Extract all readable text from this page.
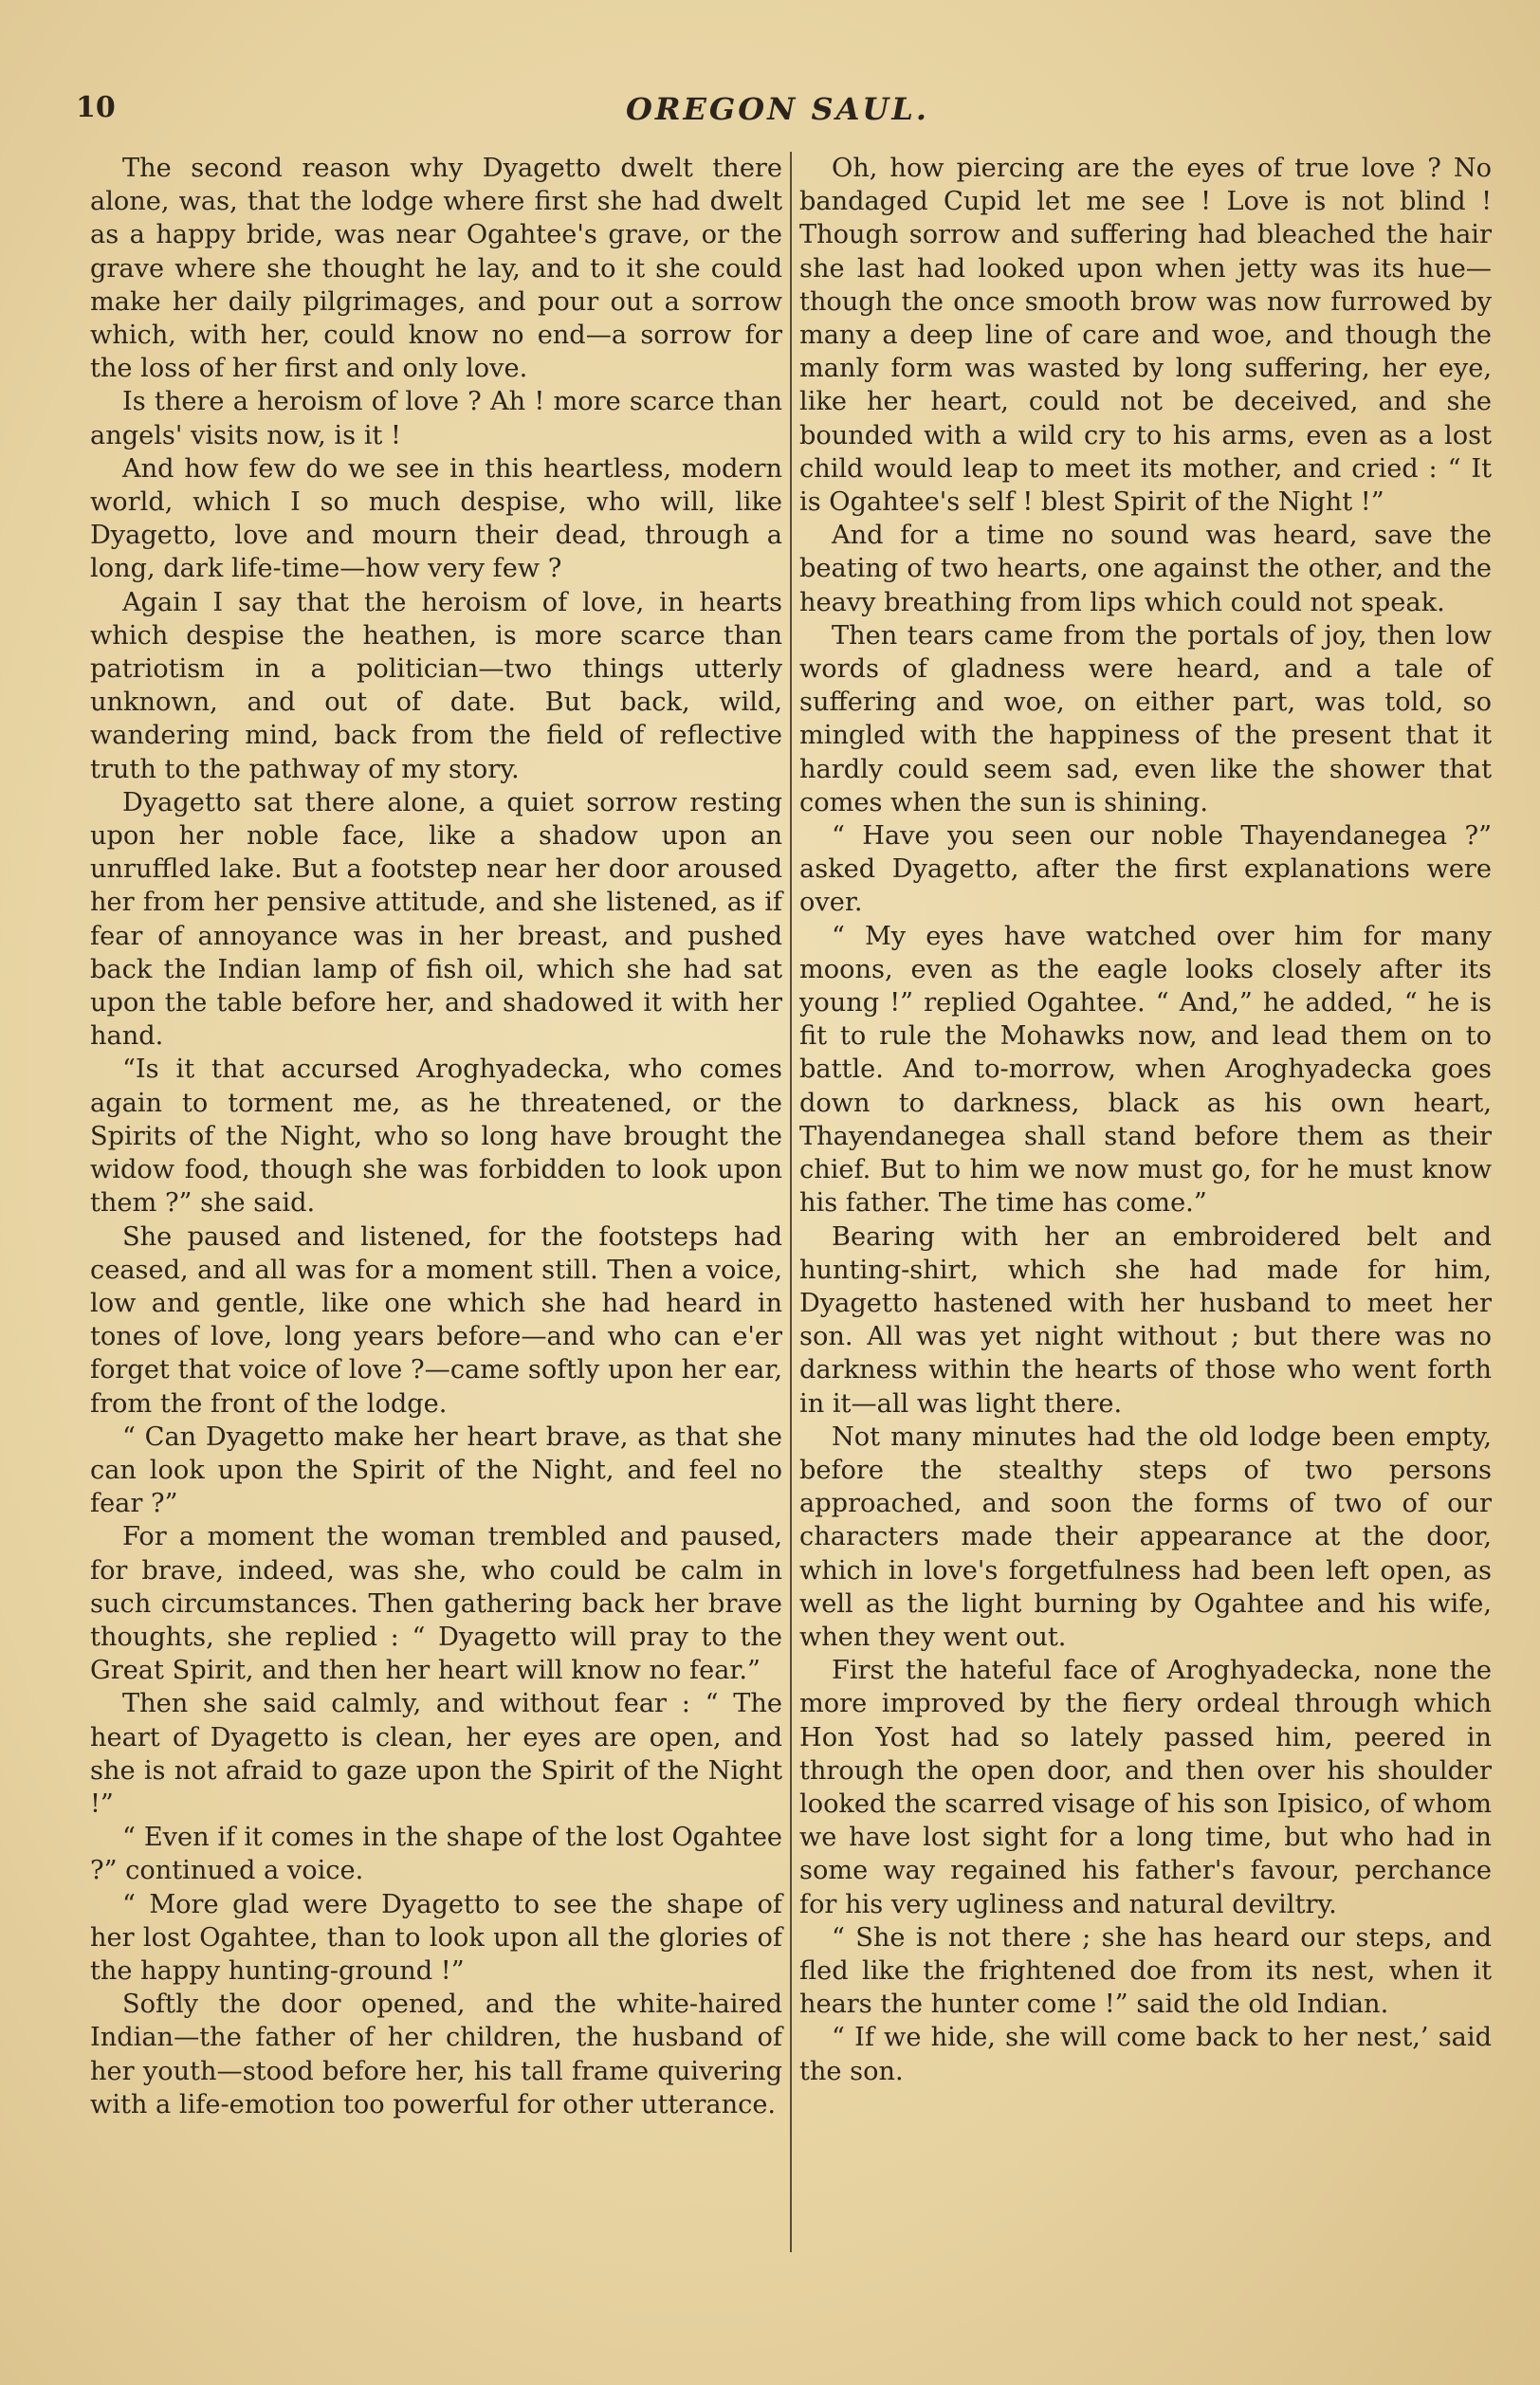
10	OREGON SAUL.

The second reason why Dyagetto dwelt there alone, was, that the lodge where first she had dwelt as a happy bride, was near Ogahtee's grave, or the grave where she thought he lay, and to it she could make her daily pilgrimages, and pour out a sorrow which, with her, could know no end—a sorrow for the loss of her first and only love.

Is there a heroism of love ? Ah ! more scarce than angels' visits now, is it !

And how few do we see in this heartless, modern world, which I so much despise, who will, like Dyagetto, love and mourn their dead, through a long, dark life-time—how very few ?

Again I say that the heroism of love, in hearts which despise the heathen, is more scarce than patriotism in a politician—two things utterly unknown, and out of date. But back, wild, wandering mind, back from the field of reflective truth to the pathway of my story.

Dyagetto sat there alone, a quiet sorrow resting upon her noble face, like a shadow upon an unruffled lake. But a footstep near her door aroused her from her pensive attitude, and she listened, as if fear of annoyance was in her breast, and pushed back the Indian lamp of fish oil, which she had sat upon the table before her, and shadowed it with her hand.

“Is it that accursed Aroghyadecka, who comes again to torment me, as he threatened, or the Spirits of the Night, who so long have brought the widow food, though she was forbidden to look upon them ?” she said.

She paused and listened, for the footsteps had ceased, and all was for a moment still. Then a voice, low and gentle, like one which she had heard in tones of love, long years before—and who can e'er forget that voice of love ?—came softly upon her ear, from the front of the lodge.

“ Can Dyagetto make her heart brave, as that she can look upon the Spirit of the Night, and feel no fear ?”

For a moment the woman trembled and paused, for brave, indeed, was she, who could be calm in such circumstances. Then gathering back her brave thoughts, she replied : “ Dyagetto will pray to the Great Spirit, and then her heart will know no fear.”

Then she said calmly, and without fear : “ The heart of Dyagetto is clean, her eyes are open, and she is not afraid to gaze upon the Spirit of the Night !”

“ Even if it comes in the shape of the lost Ogahtee ?” continued a voice.

“ More glad were Dyagetto to see the shape of her lost Ogahtee, than to look upon all the glories of the happy hunting-ground !”

Softly the door opened, and the white-haired Indian—the father of her children, the husband of her youth—stood before her, his tall frame quivering with a life-emotion too powerful for other utterance.

Oh, how piercing are the eyes of true love ? No bandaged Cupid let me see ! Love is not blind ! Though sorrow and suffering had bleached the hair she last had looked upon when jetty was its hue—though the once smooth brow was now furrowed by many a deep line of care and woe, and though the manly form was wasted by long suffering, her eye, like her heart, could not be deceived, and she bounded with a wild cry to his arms, even as a lost child would leap to meet its mother, and cried : “ It is Ogahtee's self ! blest Spirit of the Night !”

And for a time no sound was heard, save the beating of two hearts, one against the other, and the heavy breathing from lips which could not speak.

Then tears came from the portals of joy, then low words of gladness were heard, and a tale of suffering and woe, on either part, was told, so mingled with the happiness of the present that it hardly could seem sad, even like the shower that comes when the sun is shining.

“ Have you seen our noble Thayendanegea ?” asked Dyagetto, after the first explanations were over.

“ My eyes have watched over him for many moons, even as the eagle looks closely after its young !” replied Ogahtee. “ And,” he added, “ he is fit to rule the Mohawks now, and lead them on to battle. And to-morrow, when Aroghyadecka goes down to darkness, black as his own heart, Thayendanegea shall stand before them as their chief. But to him we now must go, for he must know his father. The time has come.”

Bearing with her an embroidered belt and hunting-shirt, which she had made for him, Dyagetto hastened with her husband to meet her son. All was yet night without ; but there was no darkness within the hearts of those who went forth in it—all was light there.

Not many minutes had the old lodge been empty, before the stealthy steps of two persons approached, and soon the forms of two of our characters made their appearance at the door, which in love's forgetfulness had been left open, as well as the light burning by Ogahtee and his wife, when they went out.

First the hateful face of Aroghyadecka, none the more improved by the fiery ordeal through which Hon Yost had so lately passed him, peered in through the open door, and then over his shoulder looked the scarred visage of his son Ipisico, of whom we have lost sight for a long time, but who had in some way regained his father's favour, perchance for his very ugliness and natural deviltry.

“ She is not there ; she has heard our steps, and fled like the frightened doe from its nest, when it hears the hunter come !” said the old Indian.

“ If we hide, she will come back to her nest,’ said the son.
